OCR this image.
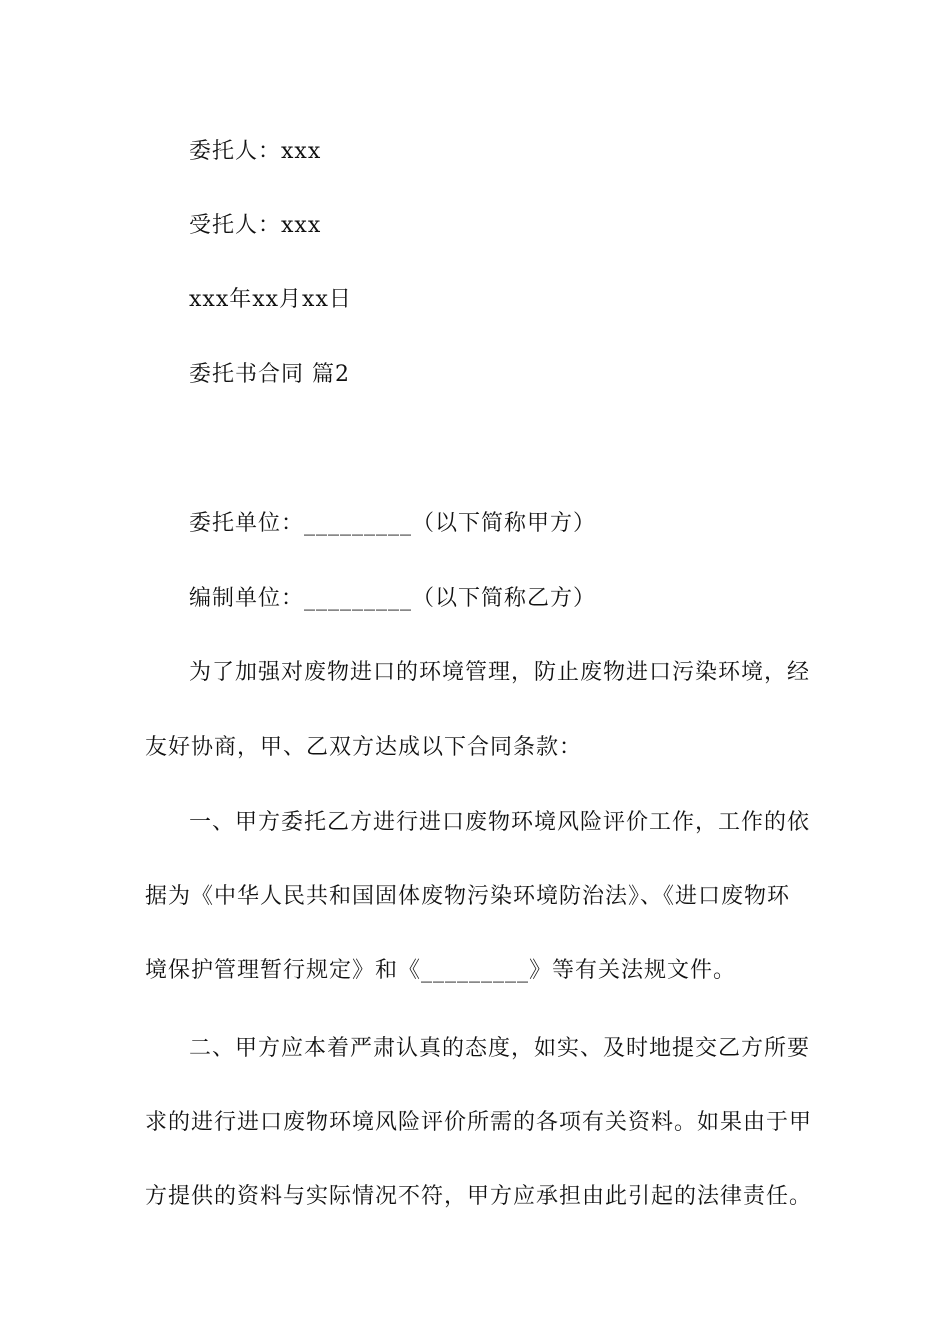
委托人：xxx
受托人：xxx
xxx年xx月xx日
委托书合同 篇2
委托单位：_________（以下简称甲方）
编制单位：_________（以下简称乙方）
为了加强对废物进口的环境管理，防止废物进口污染环境，经
友好协商，甲、乙双方达成以下合同条款：
一、甲方委托乙方进行进口废物环境风险评价工作，工作的依
据为《中华人民共和国固体废物污染环境防治法》、《进口废物环
境保护管理暂行规定》和《_________》等有关法规文件。
二、甲方应本着严肃认真的态度，如实、及时地提交乙方所要
求的进行进口废物环境风险评价所需的各项有关资料。如果由于甲
方提供的资料与实际情况不符，甲方应承担由此引起的法律责任。
